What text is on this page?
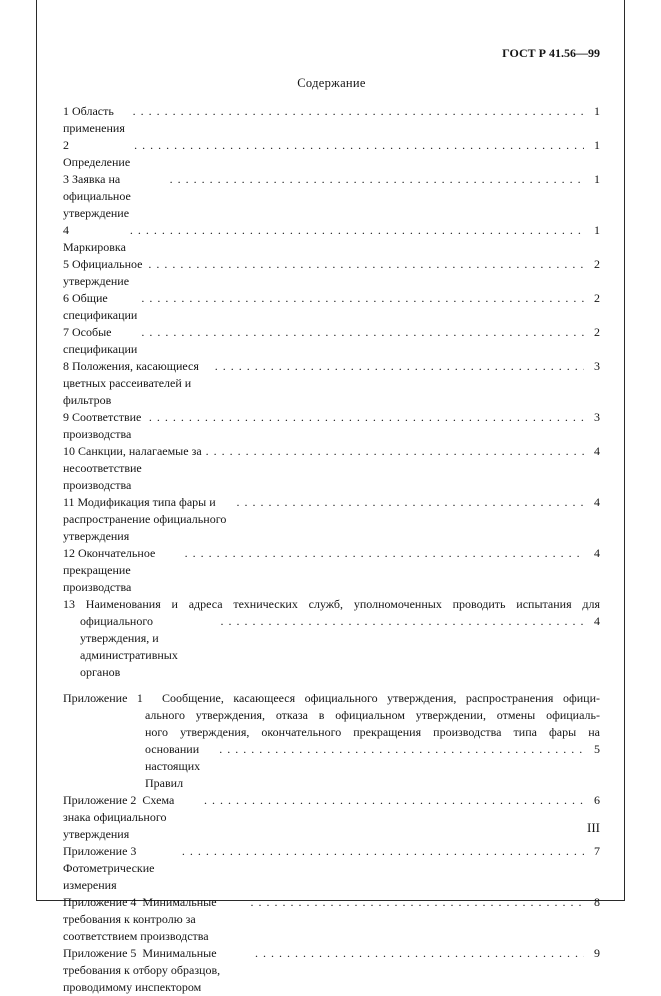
ГОСТ Р 41.56—99
Содержание
1 Область применения
. . .
1
2 Определение
. . .
1
3 Заявка на официальное утверждение
. . .
1
4 Маркировка
. . .
1
5 Официальное утверждение
. . .
2
6 Общие спецификации
. . .
2
7 Особые спецификации
. . .
2
8 Положения, касающиеся цветных рассеивателей и фильтров
. . .
3
9 Соответствие производства
. . .
3
10 Санкции, налагаемые за несоответствие производства
. . .
4
11 Модификация типа фары и распространение официального утверждения
. . .
4
12 Окончательное прекращение производства
. . .
4
13 Наименования и адреса технических служб, уполномоченных проводить испытания для
официального утверждения, и административных органов
. . .
4
Приложение 1  Сообщение, касающееся официального утверждения, распространения офици-
ального утверждения, отказа в официальном утверждении, отмены официаль-
ного утверждения, окончательного прекращения производства типа фары на
основании настоящих Правил
. . .
5
Приложение 2  Схема знака официального утверждения
. . .
6
Приложение 3  Фотометрические измерения
. . .
7
Приложение 4  Минимальные требования к контролю за соответствием производства
. . .
8
Приложение 5  Минимальные требования к отбору образцов, проводимому инспектором
. . .
9
III
